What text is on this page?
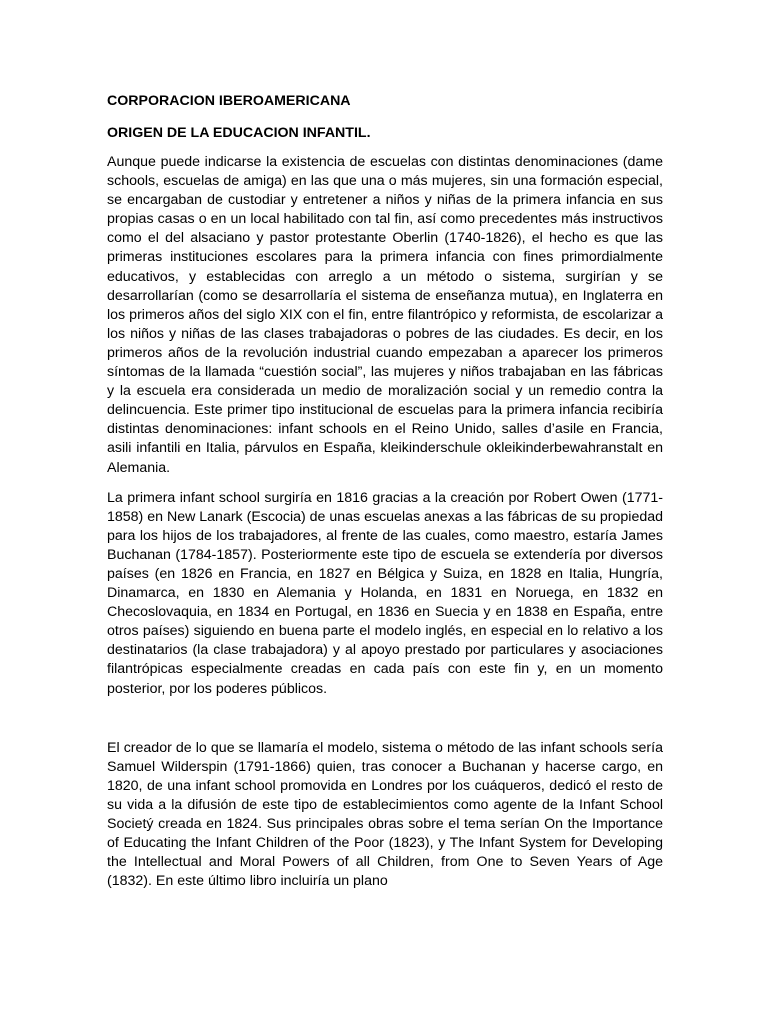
CORPORACION IBEROAMERICANA

ORIGEN DE LA EDUCACION INFANTIL.

Aunque puede indicarse la existencia de escuelas con distintas denominaciones (dame schools, escuelas de amiga) en las que una o más mujeres, sin una formación especial, se encargaban de custodiar y entretener a niños y niñas de la primera infancia en sus propias casas o en un local habilitado con tal fin, así como precedentes más instructivos como el del alsaciano y pastor protestante Oberlin (1740-1826), el hecho es que las primeras instituciones escolares para la primera infancia con fines primordialmente educativos, y establecidas con arreglo a un método o sistema, surgirían y se desarrollarían (como se desarrollaría el sistema de enseñanza mutua), en Inglaterra en los primeros años del siglo XIX con el fin, entre filantrópico y reformista, de escolarizar a los niños y niñas de las clases trabajadoras o pobres de las ciudades. Es decir, en los primeros años de la revolución industrial cuando empezaban a aparecer los primeros síntomas de la llamada “cuestión social”, las mujeres y niños trabajaban en las fábricas y la escuela era considerada un medio de moralización social y un remedio contra la delincuencia. Este primer tipo institucional de escuelas para la primera infancia recibiría distintas denominaciones: infant schools en el Reino Unido, salles d’asile en Francia, asili infantili en Italia, párvulos en España, kleikinderschule okleikinderbewahranstalt en Alemania.

La primera infant school surgiría en 1816 gracias a la creación por Robert Owen (1771-1858) en New Lanark (Escocia) de unas escuelas anexas a las fábricas de su propiedad para los hijos de los trabajadores, al frente de las cuales, como maestro, estaría James Buchanan (1784-1857). Posteriormente este tipo de escuela se extendería por diversos países (en 1826 en Francia, en 1827 en Bélgica y Suiza, en 1828 en Italia, Hungría, Dinamarca, en 1830 en Alemania y Holanda, en 1831 en Noruega, en 1832 en Checoslovaquia, en 1834 en Portugal, en 1836 en Suecia y en 1838 en España, entre otros países) siguiendo en buena parte el modelo inglés, en especial en lo relativo a los destinatarios (la clase trabajadora) y al apoyo prestado por particulares y asociaciones filantrópicas especialmente creadas en cada país con este fin y, en un momento posterior, por los poderes públicos.

El creador de lo que se llamaría el modelo, sistema o método de las infant schools sería Samuel Wilderspin (1791-1866) quien, tras conocer a Buchanan y hacerse cargo, en 1820, de una infant school promovida en Londres por los cuáqueros, dedicó el resto de su vida a la difusión de este tipo de establecimientos como agente de la Infant School Societý creada en 1824. Sus principales obras sobre el tema serían On the Importance of Educating the Infant Children of the Poor (1823), y The Infant System for Developing the Intellectual and Moral Powers of all Children, from One to Seven Years of Age (1832). En este último libro incluiría un plano
